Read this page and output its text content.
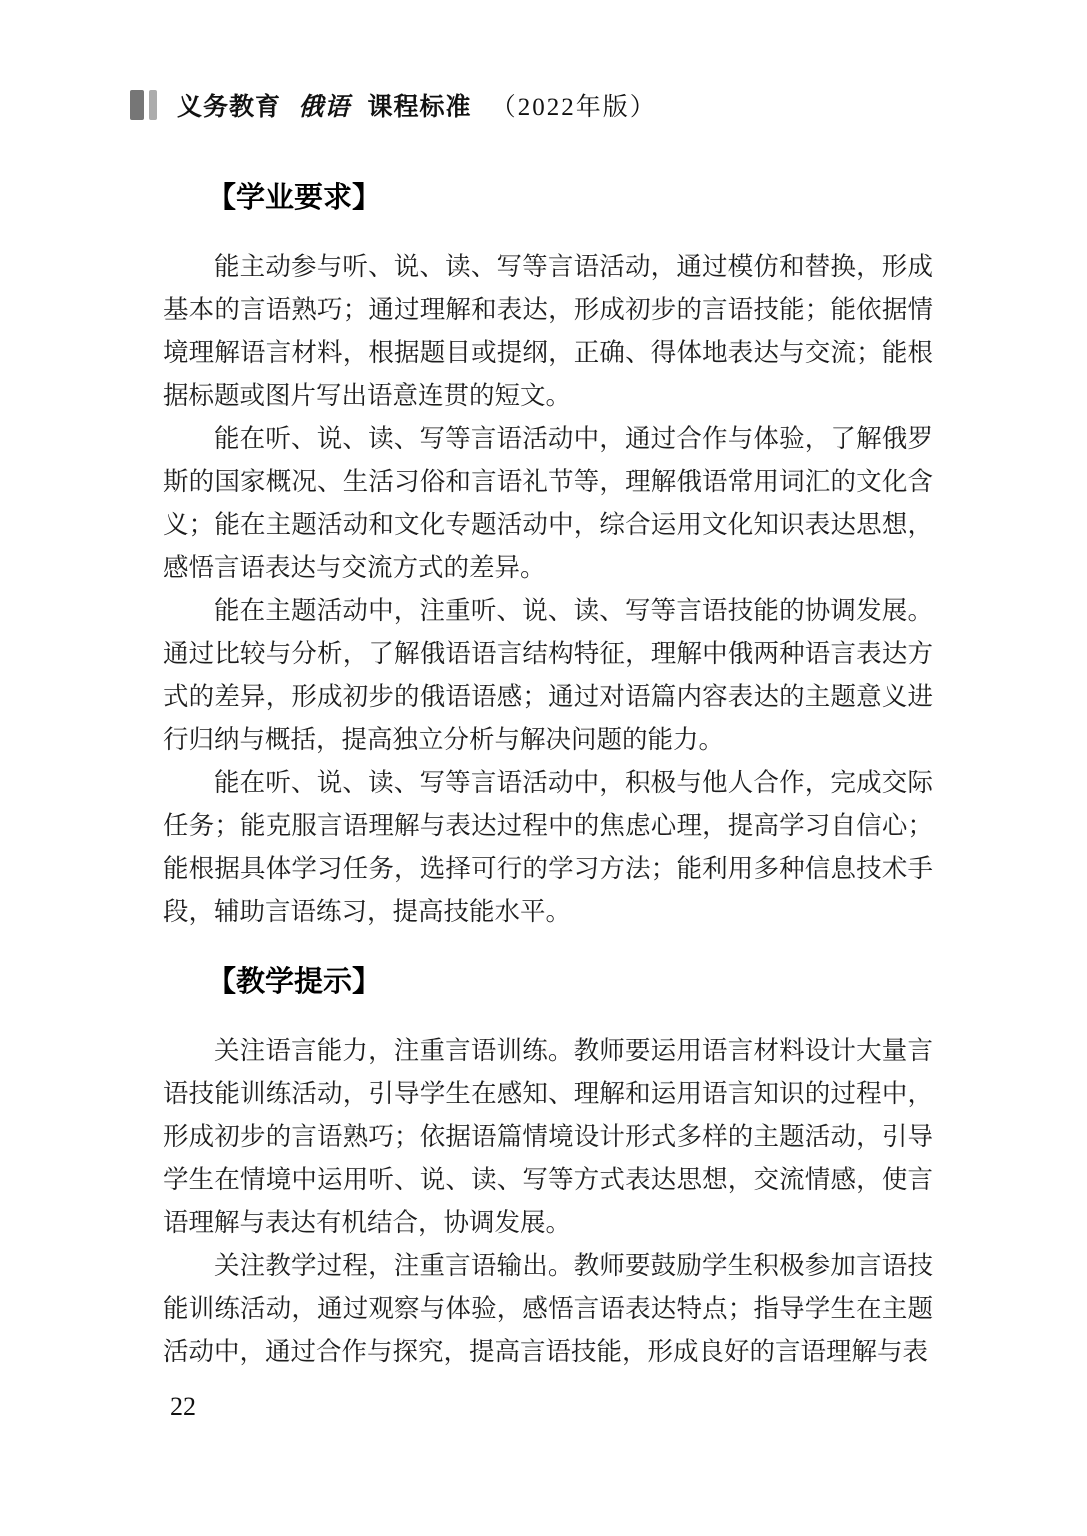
义务教育 俄语 课程标准 （2022年版）
【学业要求】

能主动参与听、说、读、写等言语活动，通过模仿和替换，形成基本的言语熟巧；通过理解和表达，形成初步的言语技能；能依据情境理解语言材料，根据题目或提纲，正确、得体地表达与交流；能根据标题或图片写出语意连贯的短文。

能在听、说、读、写等言语活动中，通过合作与体验，了解俄罗斯的国家概况、生活习俗和言语礼节等，理解俄语常用词汇的文化含义；能在主题活动和文化专题活动中，综合运用文化知识表达思想，感悟言语表达与交流方式的差异。

能在主题活动中，注重听、说、读、写等言语技能的协调发展。通过比较与分析，了解俄语语言结构特征，理解中俄两种语言表达方式的差异，形成初步的俄语语感；通过对语篇内容表达的主题意义进行归纳与概括，提高独立分析与解决问题的能力。

能在听、说、读、写等言语活动中，积极与他人合作，完成交际任务；能克服言语理解与表达过程中的焦虑心理，提高学习自信心；能根据具体学习任务，选择可行的学习方法；能利用多种信息技术手段，辅助言语练习，提高技能水平。

【教学提示】

关注语言能力，注重言语训练。教师要运用语言材料设计大量言语技能训练活动，引导学生在感知、理解和运用语言知识的过程中，形成初步的言语熟巧；依据语篇情境设计形式多样的主题活动，引导学生在情境中运用听、说、读、写等方式表达思想，交流情感，使言语理解与表达有机结合，协调发展。

关注教学过程，注重言语输出。教师要鼓励学生积极参加言语技能训练活动，通过观察与体验，感悟言语表达特点；指导学生在主题活动中，通过合作与探究，提高言语技能，形成良好的言语理解与表

22
